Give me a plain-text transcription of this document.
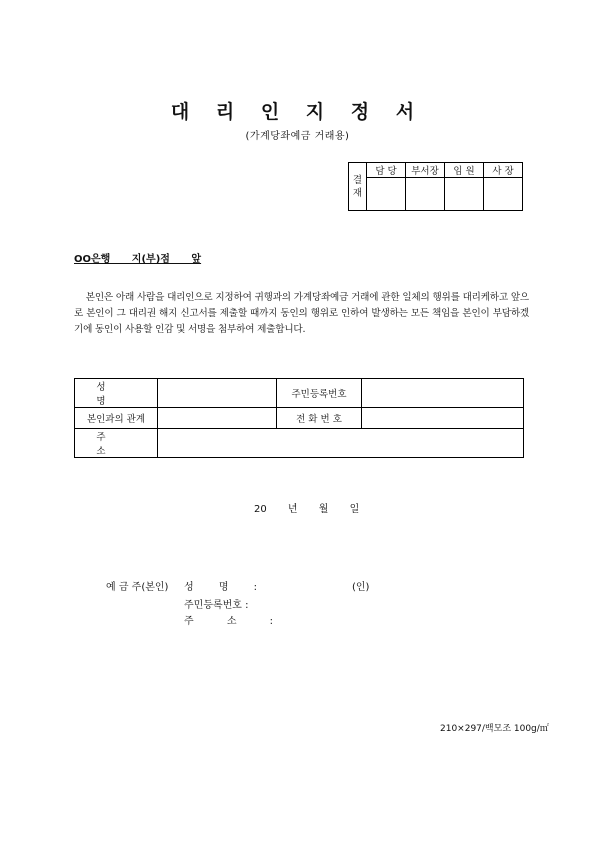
대 리 인 지 정 서
(가계당좌예금 거래용)
결
재	담 당	부서장	임 원	사 장

OO은행 지(부)점 앞
본인은 아래 사람을 대리인으로 지정하여 귀행과의 가계당좌예금 거래에 관한 일체의 행위를 대리케하고 앞으로 본인이 그 대리권 해지 신고서를 제출할 때까지 동인의 행위로 인하여 발생하는 모든 책임을 본인이 부담하겠기에 동인이 사용할 인감 및 서명을 첨부하여 제출합니다.
성 명		주민등록번호	
본인과의 관계		전 화 번 호	
주 소			
20 년 월 일
예 금 주(본인) 성 명 :	(인)
주민등록번호 :
주 소 :
210×297/백모조 100g/㎡
